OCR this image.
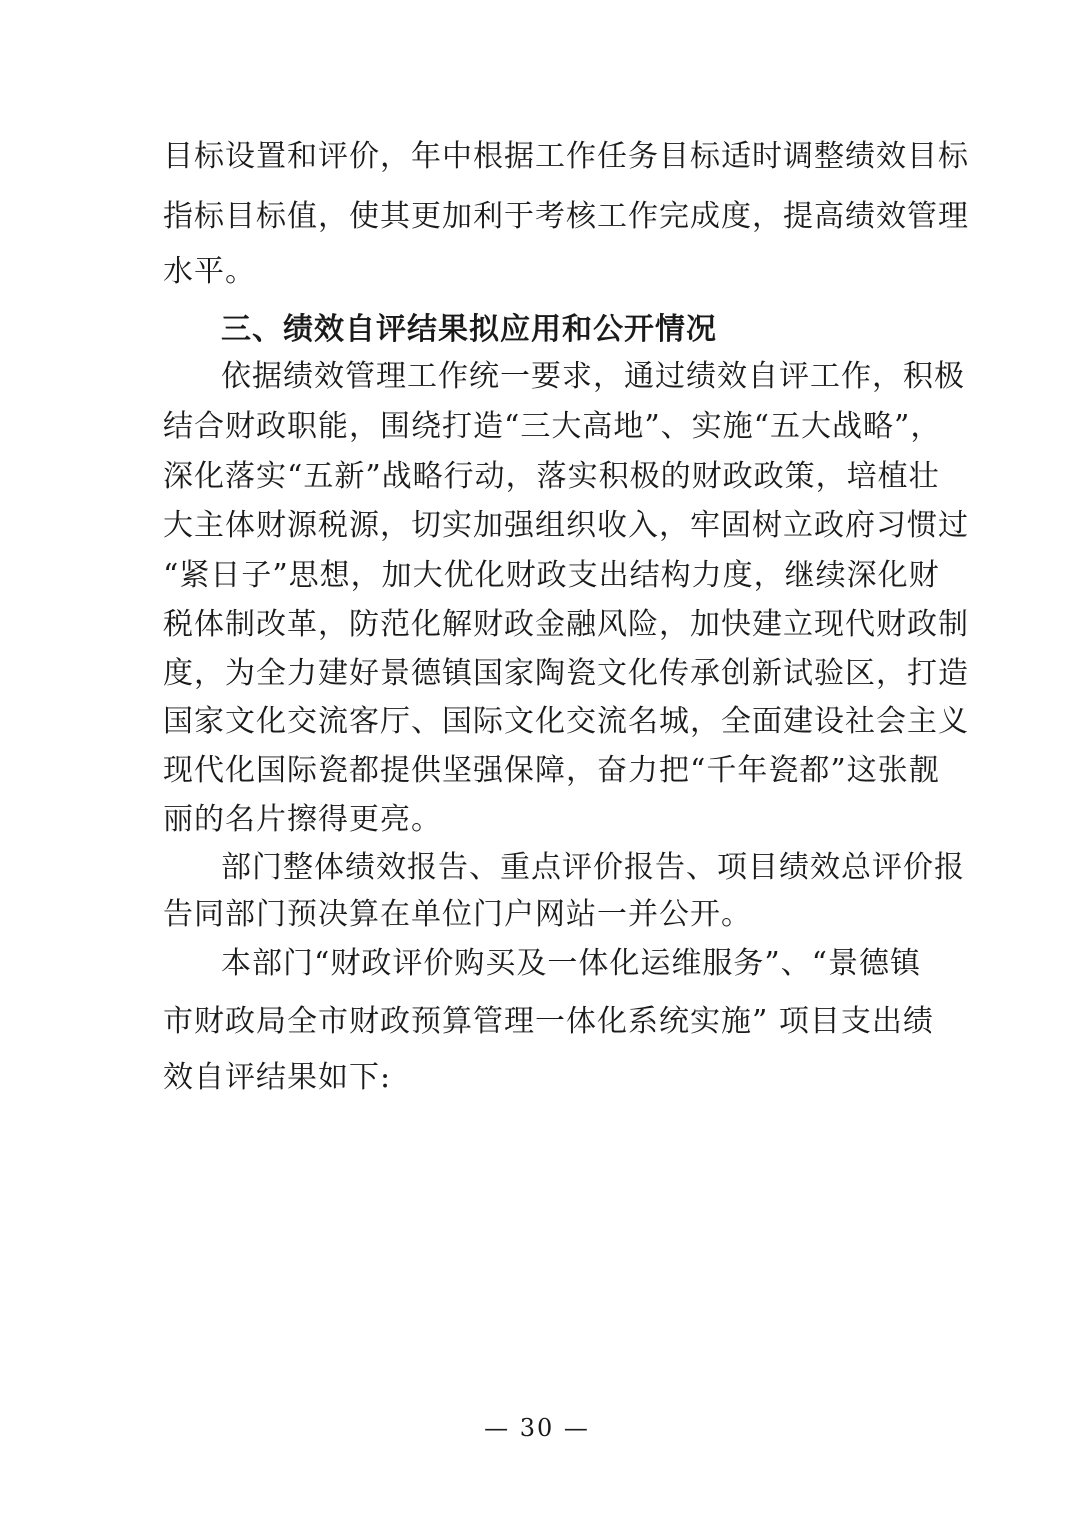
目标设置和评价，年中根据工作任务目标适时调整绩效目标
指标目标值，使其更加利于考核工作完成度，提高绩效管理
水平。
三、绩效自评结果拟应用和公开情况
依据绩效管理工作统一要求，通过绩效自评工作，积极
结合财政职能，围绕打造“三大高地”、实施“五大战略”，
深化落实“五新”战略行动，落实积极的财政政策，培植壮
大主体财源税源，切实加强组织收入，牢固树立政府习惯过
“紧日子”思想，加大优化财政支出结构力度，继续深化财
税体制改革，防范化解财政金融风险，加快建立现代财政制
度，为全力建好景德镇国家陶瓷文化传承创新试验区，打造
国家文化交流客厅、国际文化交流名城，全面建设社会主义
现代化国际瓷都提供坚强保障，奋力把“千年瓷都”这张靓
丽的名片擦得更亮。
部门整体绩效报告、重点评价报告、项目绩效总评价报
告同部门预决算在单位门户网站一并公开。
本部门“财政评价购买及一体化运维服务”、“景德镇
市财政局全市财政预算管理一体化系统实施” 项目支出绩
效自评结果如下:
— 30 —
